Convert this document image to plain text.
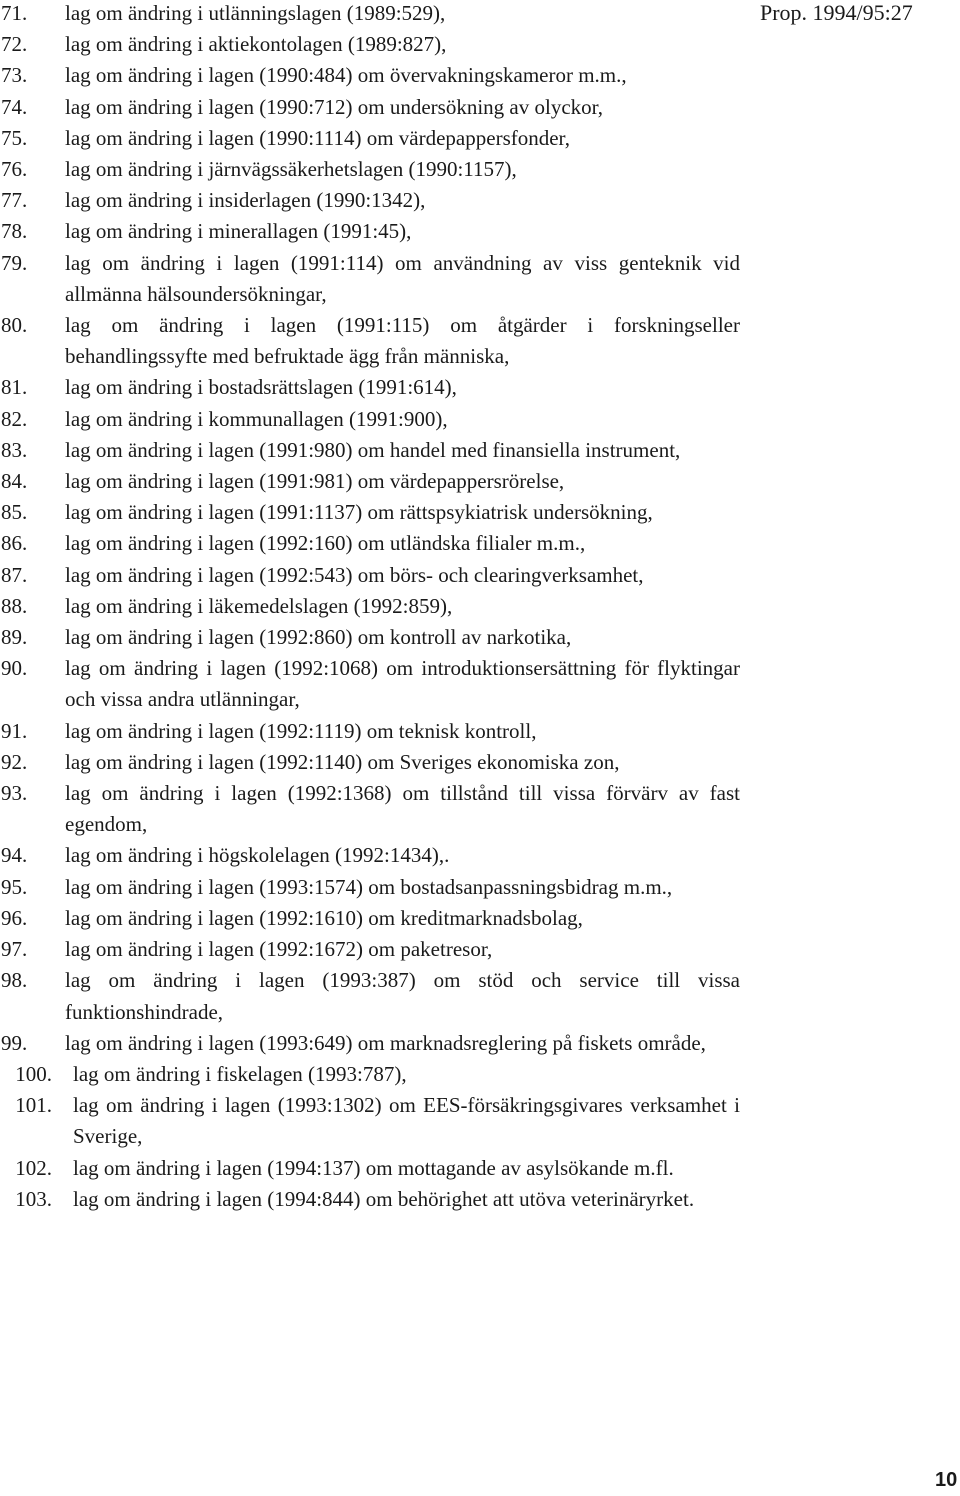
Prop. 1994/95:27
71.	lag om ändring i utlänningslagen (1989:529),
72.	lag om ändring i aktiekontolagen (1989:827),
73.	lag om ändring i lagen (1990:484) om övervakningskameror m.m.,
74.	lag om ändring i lagen (1990:712) om undersökning av olyckor,
75.	lag om ändring i lagen (1990:1114) om värdepappersfonder,
76.	lag om ändring i järnvägssäkerhetslagen (1990:1157),
77.	lag om ändring i insiderlagen (1990:1342),
78.	lag om ändring i minerallagen (1991:45),
79.	lag om ändring i lagen (1991:114) om användning av viss genteknik vid allmänna hälsoundersökningar,
80.	lag om ändring i lagen (1991:115) om åtgärder i forskningseller behandlingssyfte med befruktade ägg från människa,
81.	lag om ändring i bostadsrättslagen (1991:614),
82.	lag om ändring i kommunallagen (1991:900),
83.	lag om ändring i lagen (1991:980) om handel med finansiella instrument,
84.	lag om ändring i lagen (1991:981) om värdepappersrörelse,
85.	lag om ändring i lagen (1991:1137) om rättspsykiatrisk undersökning,
86.	lag om ändring i lagen (1992:160) om utländska filialer m.m.,
87.	lag om ändring i lagen (1992:543) om börs- och clearingverksamhet,
88.	lag om ändring i läkemedelslagen (1992:859),
89.	lag om ändring i lagen (1992:860) om kontroll av narkotika,
90.	lag om ändring i lagen (1992:1068) om introduktionsersättning för flyktingar och vissa andra utlänningar,
91.	lag om ändring i lagen (1992:1119) om teknisk kontroll,
92.	lag om ändring i lagen (1992:1140) om Sveriges ekonomiska zon,
93.	lag om ändring i lagen (1992:1368) om tillstånd till vissa förvärv av fast egendom,
94.	lag om ändring i högskolelagen (1992:1434),.
95.	lag om ändring i lagen (1993:1574) om bostadsanpassningsbidrag m.m.,
96.	lag om ändring i lagen (1992:1610) om kreditmarknadsbolag,
97.	lag om ändring i lagen (1992:1672) om paketresor,
98.	lag om ändring i lagen (1993:387) om stöd och service till vissa funktionshindrade,
99.	lag om ändring i lagen (1993:649) om marknadsreglering på fiskets område,
100.	lag om ändring i fiskelagen (1993:787),
101.	lag om ändring i lagen (1993:1302) om EES-försäkringsgivares verksamhet i Sverige,
102.	lag om ändring i lagen (1994:137) om mottagande av asylsökande m.fl.
103.	lag om ändring i lagen (1994:844) om behörighet att utöva veterinäryrket.
10
